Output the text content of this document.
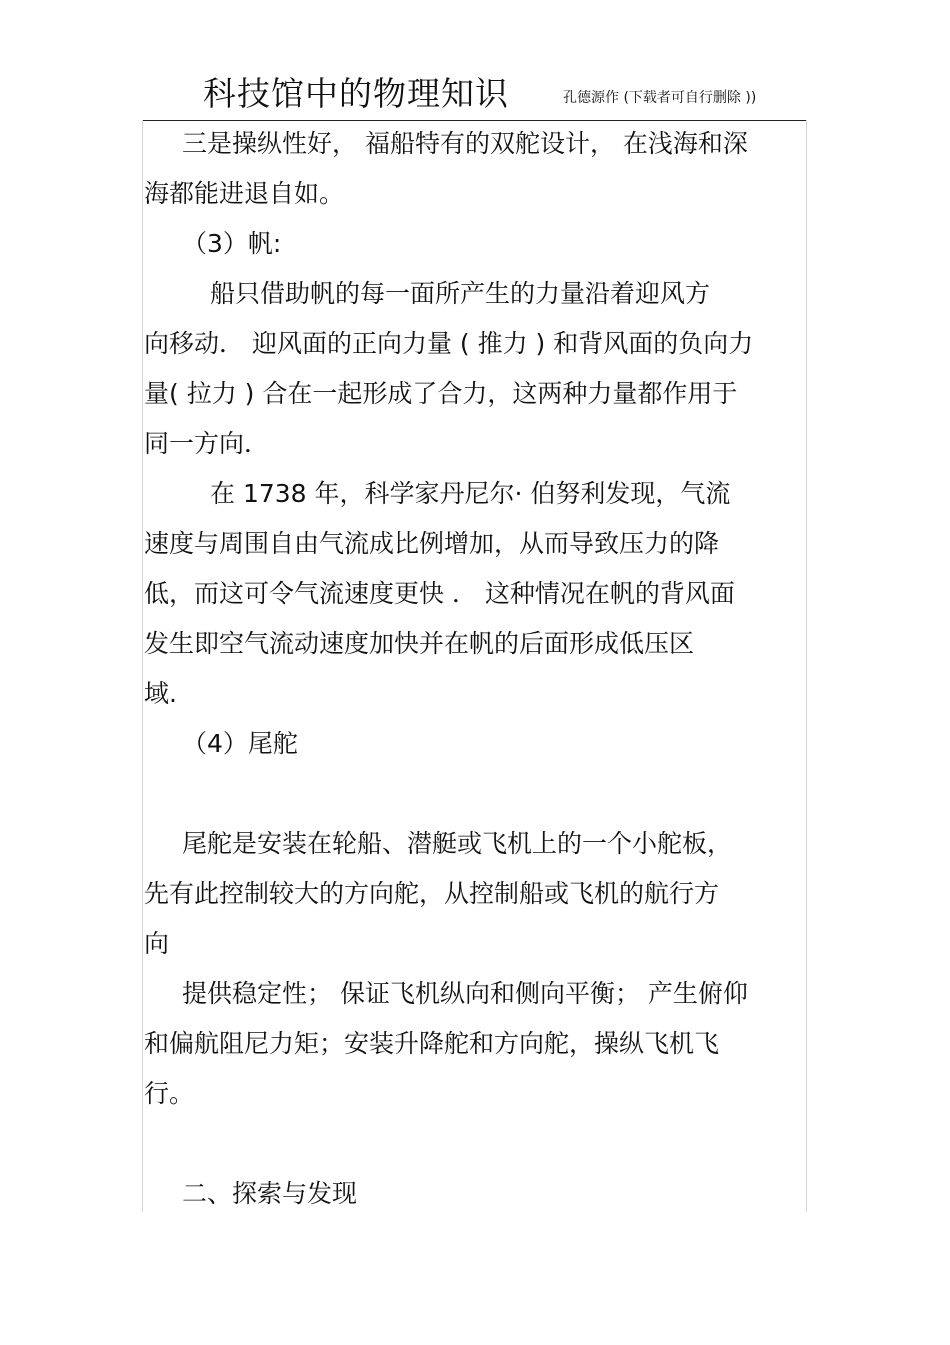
科技馆中的物理知识	孔德源作 (下载者可自行删除 ))
三是操纵性好， 福船特有的双舵设计， 在浅海和深
海都能进退自如。
（3）帆:
船只借助帆的每一面所产生的力量沿着迎风方
向移动． 迎风面的正向力量 ( 推力 ) 和背风面的负向力
量( 拉力 ) 合在一起形成了合力，这两种力量都作用于
同一方向．
在 1738 年，科学家丹尼尔· 伯努利发现，气流
速度与周围自由气流成比例增加，从而导致压力的降
低，而这可令气流速度更快 ． 这种情况在帆的背风面
发生即空气流动速度加快并在帆的后面形成低压区
域.
（4）尾舵
尾舵是安装在轮船、潜艇或飞机上的一个小舵板，
先有此控制较大的方向舵，从控制船或飞机的航行方
向
提供稳定性； 保证飞机纵向和侧向平衡； 产生俯仰
和偏航阻尼力矩；安装升降舵和方向舵，操纵飞机飞
行。
二、探索与发现
